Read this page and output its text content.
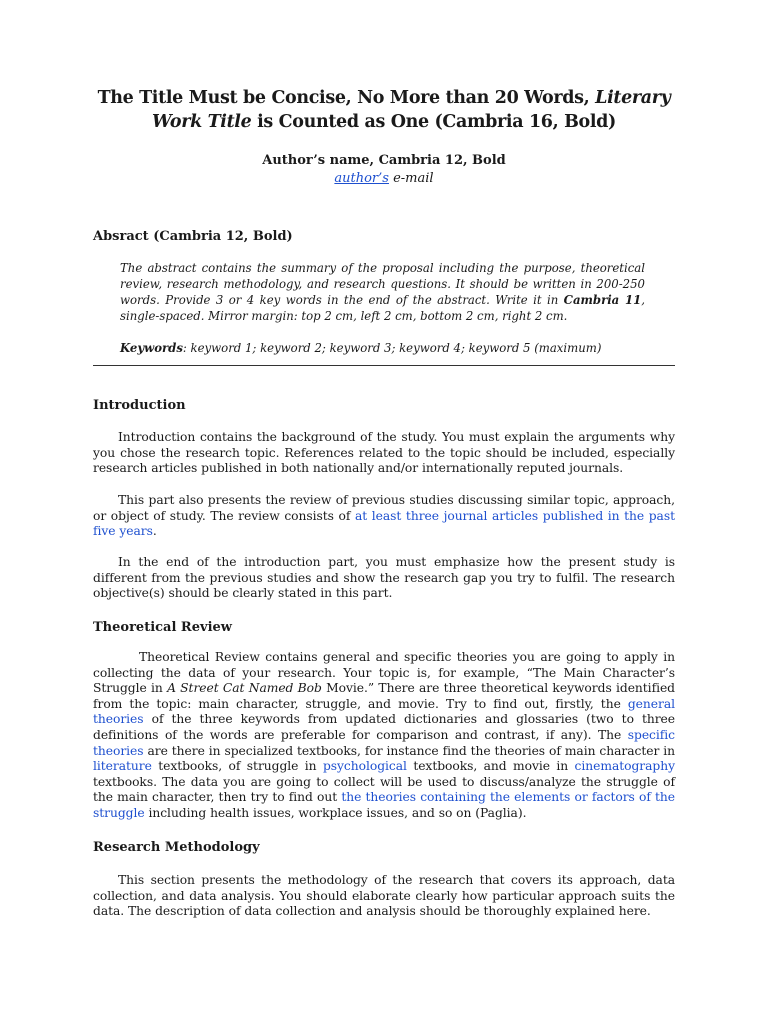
The Title Must be Concise, No More than 20 Words, Literary Work Title is Counted as One (Cambria 16, Bold)
Author’s name, Cambria 12, Bold
author’s e-mail
Absract (Cambria 12, Bold)

The abstract contains the summary of the proposal including the purpose, theoretical review, research methodology, and research questions. It should be written in 200-250 words. Provide 3 or 4 key words in the end of the abstract. Write it in Cambria 11, single-spaced. Mirror margin: top 2 cm, left 2 cm, bottom 2 cm, right 2 cm.

Keywords: keyword 1; keyword 2; keyword 3; keyword 4; keyword 5 (maximum)

Introduction

Introduction contains the background of the study. You must explain the arguments why you chose the research topic. References related to the topic should be included, especially research articles published in both nationally and/or internationally reputed journals.

This part also presents the review of previous studies discussing similar topic, approach, or object of study. The review consists of at least three journal articles published in the past five years.

In the end of the introduction part, you must emphasize how the present study is different from the previous studies and show the research gap you try to fulfil. The research objective(s) should be clearly stated in this part.

Theoretical Review

Theoretical Review contains general and specific theories you are going to apply in collecting the data of your research. Your topic is, for example, “The Main Character’s Struggle in A Street Cat Named Bob Movie.” There are three theoretical keywords identified from the topic: main character, struggle, and movie. Try to find out, firstly, the general theories of the three keywords from updated dictionaries and glossaries (two to three definitions of the words are preferable for comparison and contrast, if any). The specific theories are there in specialized textbooks, for instance find the theories of main character in literature textbooks, of struggle in psychological textbooks, and movie in cinematography textbooks. The data you are going to collect will be used to discuss/analyze the struggle of the main character, then try to find out the theories containing the elements or factors of the struggle including health issues, workplace issues, and so on (Paglia).

Research Methodology

This section presents the methodology of the research that covers its approach, data collection, and data analysis. You should elaborate clearly how particular approach suits the data. The description of data collection and analysis should be thoroughly explained here.
